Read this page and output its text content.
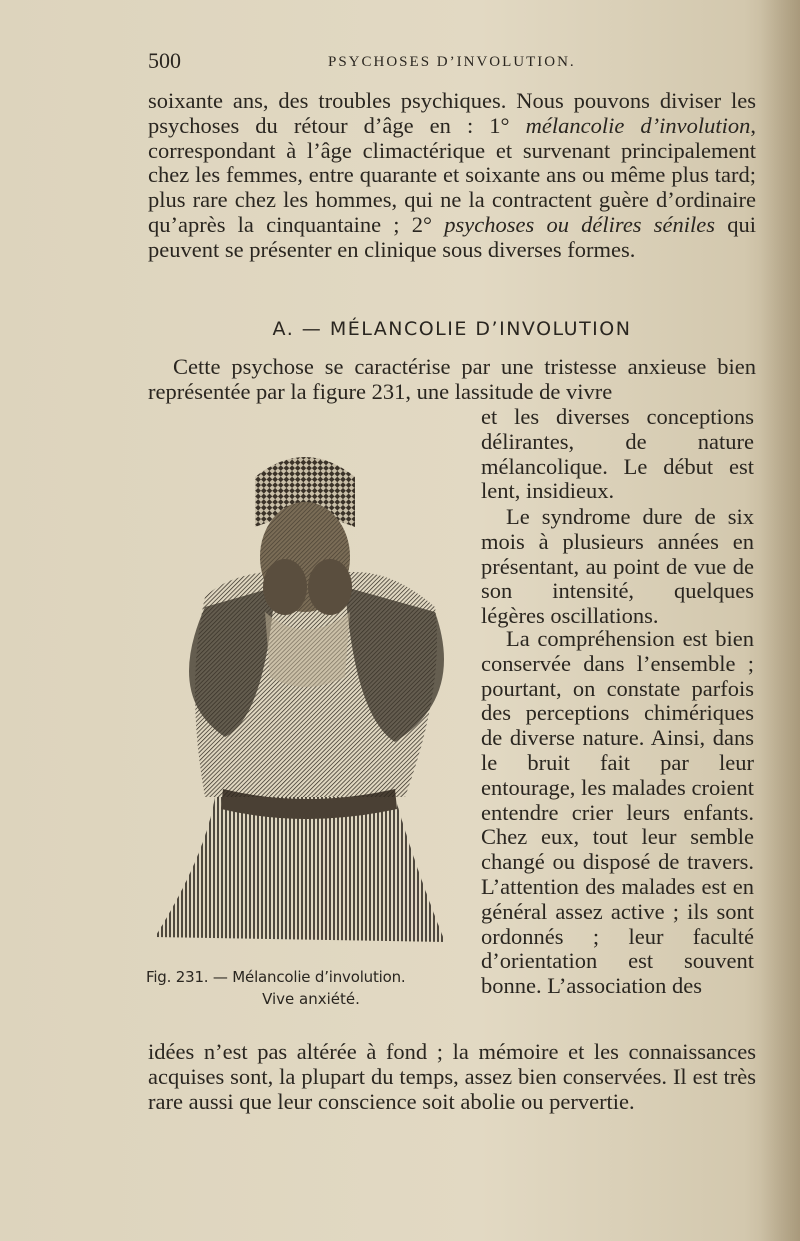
500	PSYCHOSES D’INVOLUTION.
soixante ans, des troubles psychiques. Nous pouvons diviser les psychoses du rétour d’âge en : 1° mélancolie d’involution, correspondant à l’âge climactérique et survenant principalement chez les femmes, entre quarante et soixante ans ou même plus tard; plus rare chez les hommes, qui ne la contractent guère d’ordinaire qu’après la cinquantaine ; 2° psychoses ou délires séniles qui peuvent se présenter en clinique sous diverses formes.
A. — MÉLANCOLIE D’INVOLUTION
Cette psychose se caractérise par une tristesse anxieuse bien représentée par la figure 231, une lassitude de vivre
et les diverses conceptions délirantes, de nature mélancolique. Le début est lent, insidieux.
Le syndrome dure de six mois à plusieurs années en présentant, au point de vue de son intensité, quelques légères oscillations.
La compréhension est bien conservée dans l’ensemble ; pourtant, on constate parfois des perceptions chimériques de diverse nature. Ainsi, dans le bruit fait par leur entourage, les malades croient entendre crier leurs enfants. Chez eux, tout leur semble changé ou disposé de travers. L’attention des malades est en général assez active ; ils sont ordonnés ; leur faculté d’orientation est souvent bonne. L’association des
idées n’est pas altérée à fond ; la mémoire et les connaissances acquises sont, la plupart du temps, assez bien conservées. Il est très rare aussi que leur conscience soit abolie ou pervertie.
Fig. 231. — Mélancolie d’involution.
Vive anxiété.
